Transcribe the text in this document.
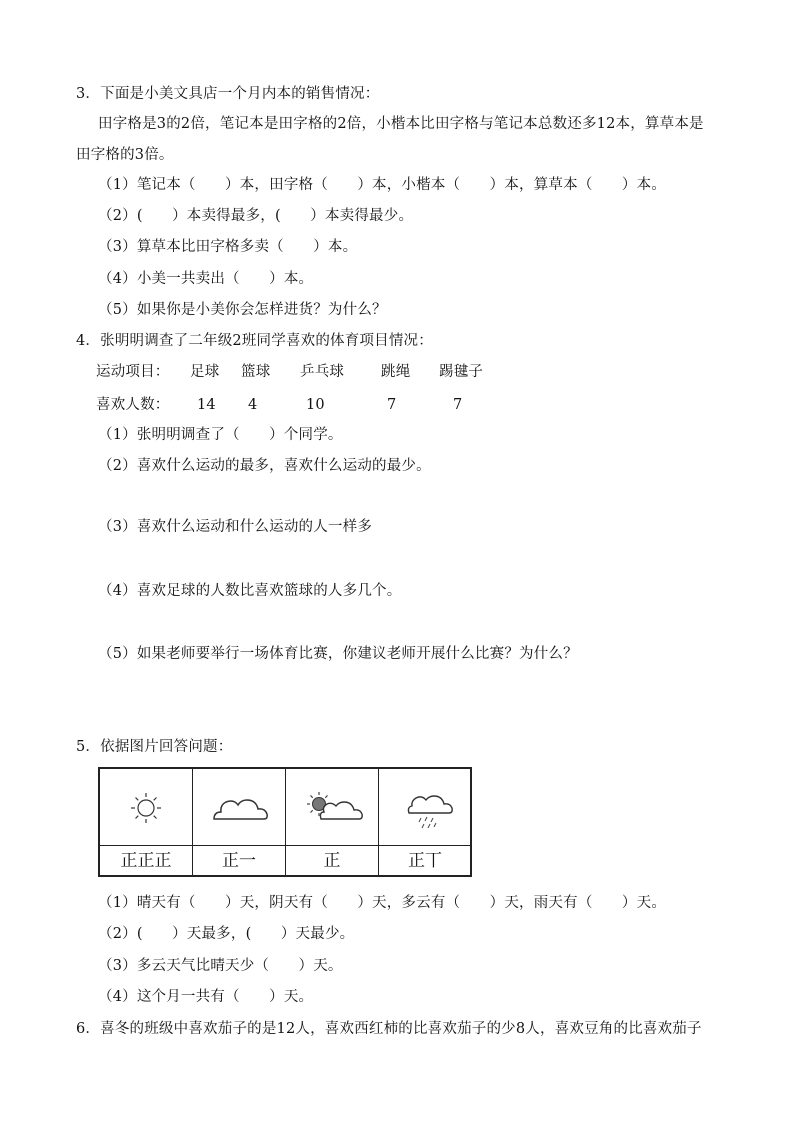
3．下面是小美文具店一个月内本的销售情况：
田字格是3的2倍，笔记本是田字格的2倍，小楷本比田字格与笔记本总数还多12本，算草本是
田字格的3倍。
（1）笔记本（　　）本，田字格（　　）本，小楷本（　　）本，算草本（　　）本。
（2）(　　）本卖得最多，(　　）本卖得最少。
（3）算草本比田字格多卖（　　）本。
（4）小美一共卖出（　　）本。
（5）如果你是小美你会怎样进货？为什么？
4．张明明调查了二年级2班同学喜欢的体育项目情况：
运动项目： 足球 篮球 乒乓球	跳绳 踢毽子
喜欢人数： 14 4	10	7	7
（1）张明明调查了（　　）个同学。
（2）喜欢什么运动的最多，喜欢什么运动的最少。
（3）喜欢什么运动和什么运动的人一样多
（4）喜欢足球的人数比喜欢篮球的人多几个。
（5）如果老师要举行一场体育比赛，你建议老师开展什么比赛？为什么？
5．依据图片回答问题：
正正正	正一	正	正丅
（1）晴天有（　　）天，阴天有（　　）天，多云有（　　）天，雨天有（　　）天。
（2）(　　）天最多，(　　）天最少。
（3）多云天气比晴天少（　　）天。
（4）这个月一共有（　　）天。
6．喜冬的班级中喜欢茄子的是12人，喜欢西红柿的比喜欢茄子的少8人，喜欢豆角的比喜欢茄子
